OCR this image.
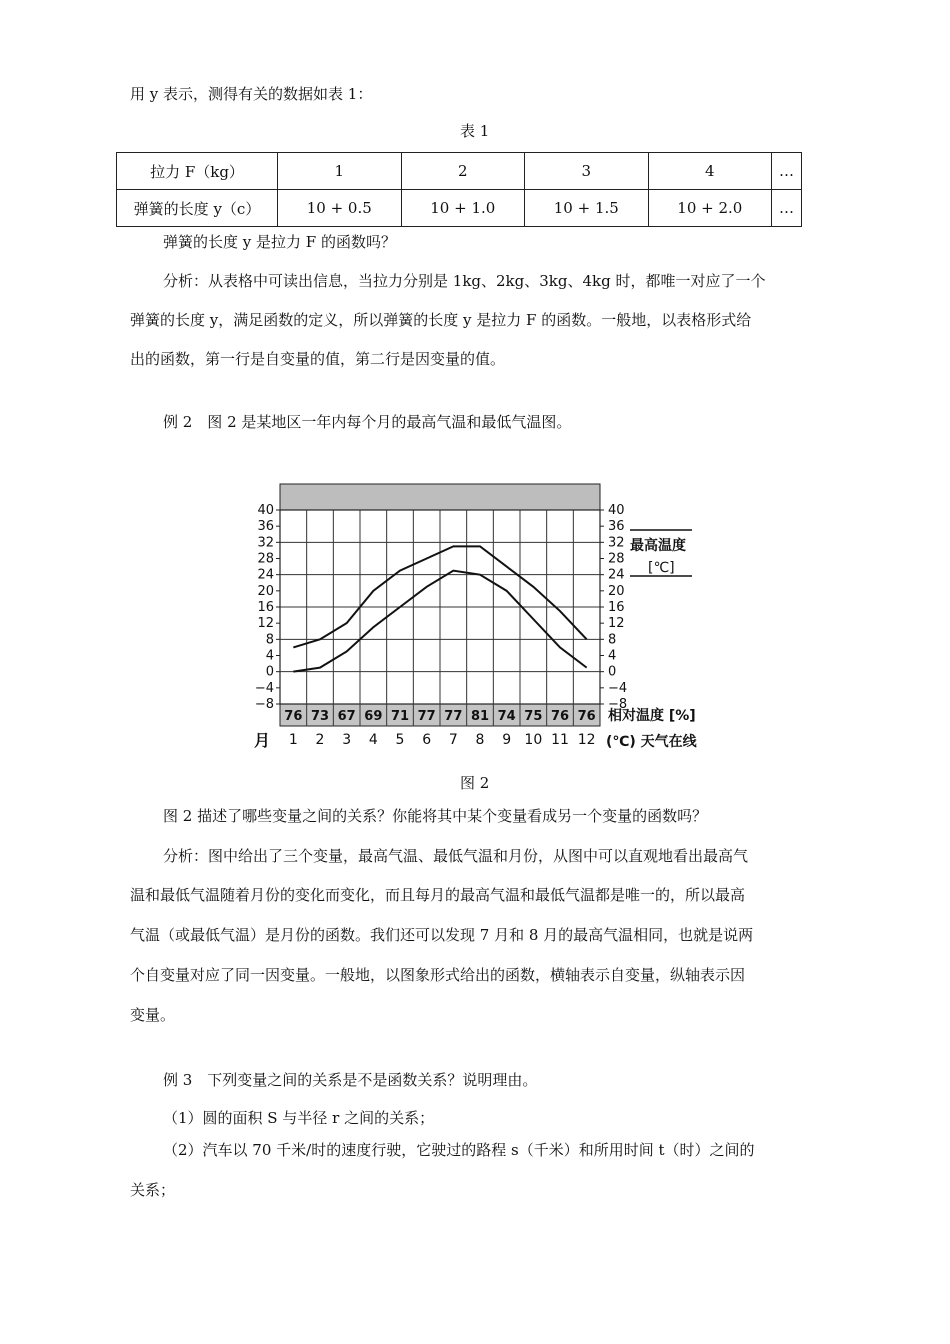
用 y 表示，测得有关的数据如表 1：
表 1
拉力 F（kg）	1	2	3	4	…
弹簧的长度 y（c）	10 + 0.5	10 + 1.0	10 + 1.5	10 + 2.0	…
弹簧的长度 y 是拉力 F 的函数吗？
分析：从表格中可读出信息，当拉力分别是 1kg、2kg、3kg、4kg 时，都唯一对应了一个
弹簧的长度 y，满足函数的定义，所以弹簧的长度 y 是拉力 F 的函数。一般地，以表格形式给
出的函数，第一行是自变量的值，第二行是因变量的值。
例 2　图 2 是某地区一年内每个月的最高气温和最低气温图。
40	40
36	36
32	32
28	28
24	24
20	20
16	16
12	12
8	8
4	4
0	0
−4	−4
−8	−8
76 73 67 69 71 77 77 81 74 75 76 76
1 2 3 4 5 6 7 8 9 10 11 12
月
最高温度
[℃]
相对温度 [%]
(℃) 天气在线
图 2
图 2 描述了哪些变量之间的关系？你能将其中某个变量看成另一个变量的函数吗？
分析：图中给出了三个变量，最高气温、最低气温和月份，从图中可以直观地看出最高气
温和最低气温随着月份的变化而变化，而且每月的最高气温和最低气温都是唯一的，所以最高
气温（或最低气温）是月份的函数。我们还可以发现 7 月和 8 月的最高气温相同，也就是说两
个自变量对应了同一因变量。一般地，以图象形式给出的函数，横轴表示自变量，纵轴表示因
变量。
例 3　下列变量之间的关系是不是函数关系？说明理由。
（1）圆的面积 S 与半径 r 之间的关系；
（2）汽车以 70 千米/时的速度行驶，它驶过的路程 s（千米）和所用时间 t（时）之间的
关系；
